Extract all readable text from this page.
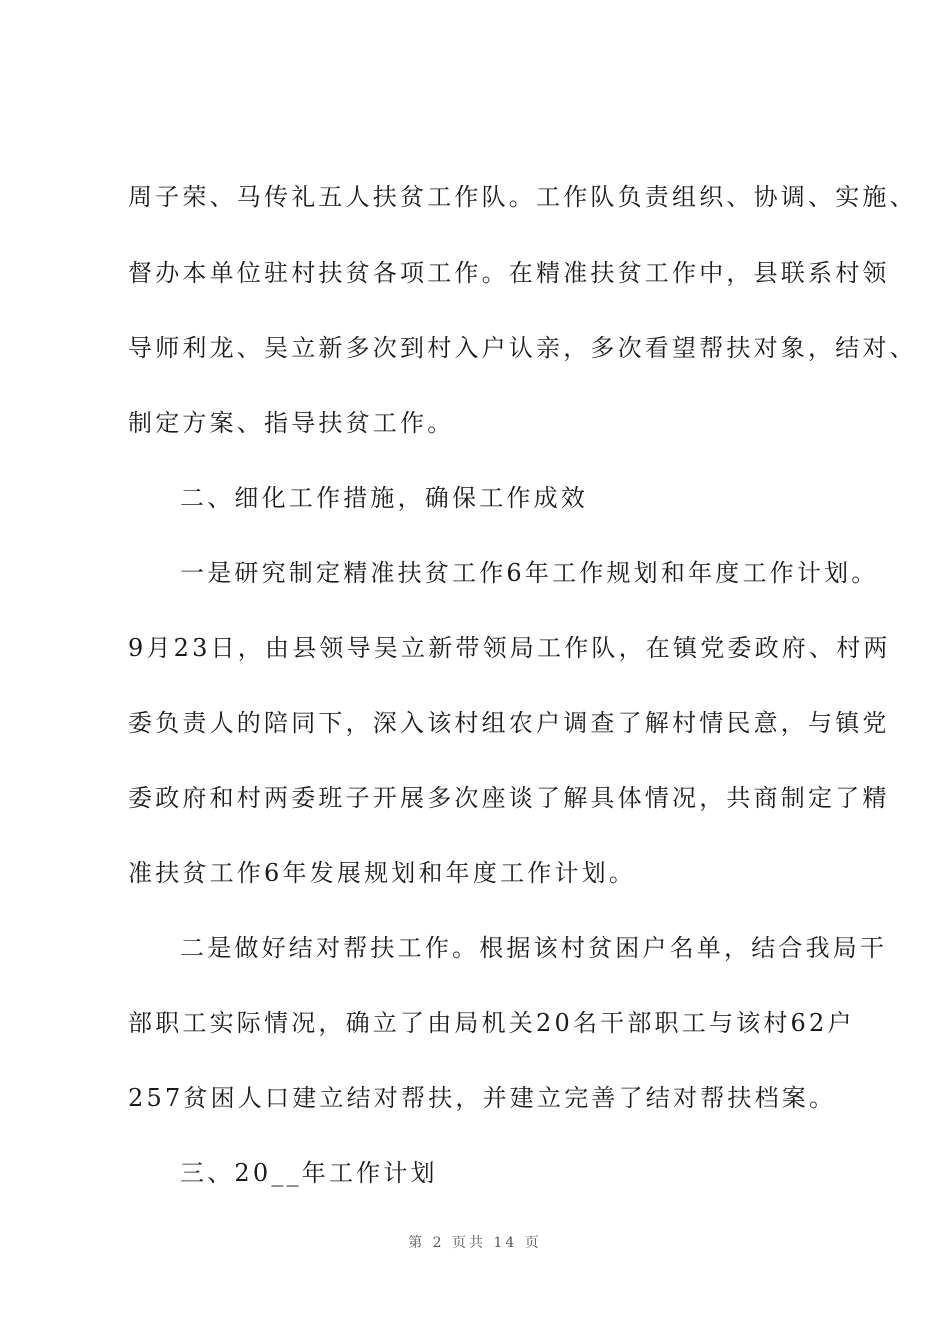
周子荣、马传礼五人扶贫工作队。工作队负责组织、协调、实施、
督办本单位驻村扶贫各项工作。在精准扶贫工作中，县联系村领
导师利龙、吴立新多次到村入户认亲，多次看望帮扶对象，结对、
制定方案、指导扶贫工作。
二、细化工作措施，确保工作成效
一是研究制定精准扶贫工作6年工作规划和年度工作计划。
9月23日，由县领导吴立新带领局工作队，在镇党委政府、村两
委负责人的陪同下，深入该村组农户调查了解村情民意，与镇党
委政府和村两委班子开展多次座谈了解具体情况，共商制定了精
准扶贫工作6年发展规划和年度工作计划。
二是做好结对帮扶工作。根据该村贫困户名单，结合我局干
部职工实际情况，确立了由局机关20名干部职工与该村62户
257贫困人口建立结对帮扶，并建立完善了结对帮扶档案。
三、20__年工作计划
第 2 页共 14 页
